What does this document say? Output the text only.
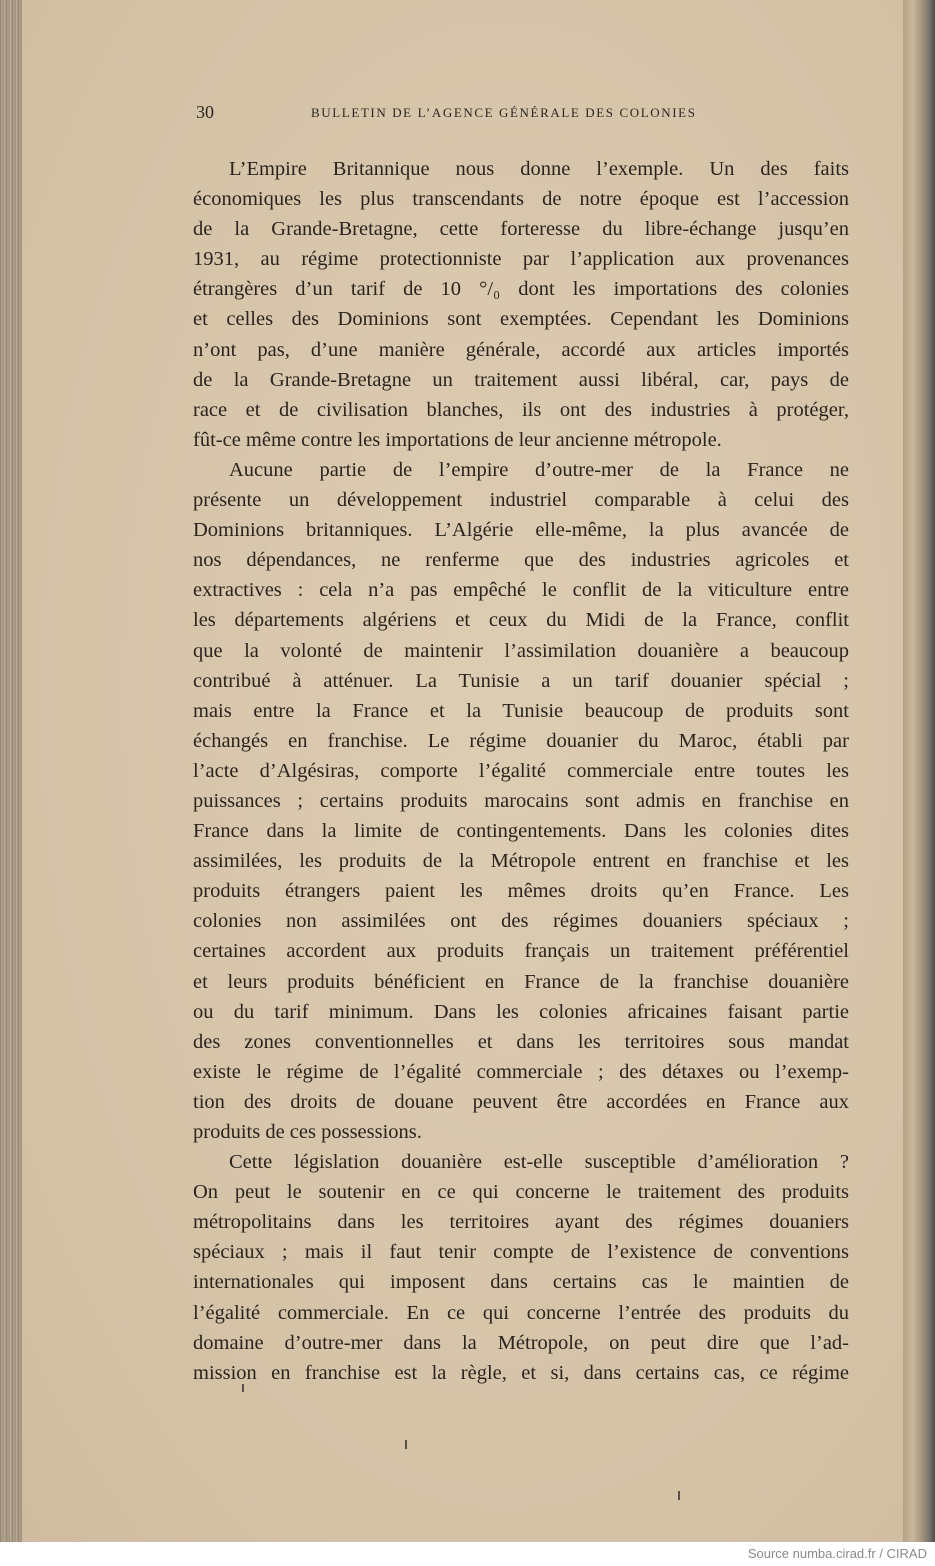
30	BULLETIN DE L’AGENCE GÉNÉRALE DES COLONIES
L’Empire Britannique nous donne l’exemple. Un des faits
économiques les plus transcendants de notre époque est l’accession
de la Grande-Bretagne, cette forteresse du libre-échange jusqu’en
1931, au régime protectionniste par l’application aux provenances
étrangères d’un tarif de 10 °/₀ dont les importations des colonies
et celles des Dominions sont exemptées. Cependant les Dominions
n’ont pas, d’une manière générale, accordé aux articles importés
de la Grande-Bretagne un traitement aussi libéral, car, pays de
race et de civilisation blanches, ils ont des industries à protéger,
fût-ce même contre les importations de leur ancienne métropole.
Aucune partie de l’empire d’outre-mer de la France ne
présente un développement industriel comparable à celui des
Dominions britanniques. L’Algérie elle-même, la plus avancée de
nos dépendances, ne renferme que des industries agricoles et
extractives : cela n’a pas empêché le conflit de la viticulture entre
les départements algériens et ceux du Midi de la France, conflit
que la volonté de maintenir l’assimilation douanière a beaucoup
contribué à atténuer. La Tunisie a un tarif douanier spécial ;
mais entre la France et la Tunisie beaucoup de produits sont
échangés en franchise. Le régime douanier du Maroc, établi par
l’acte d’Algésiras, comporte l’égalité commerciale entre toutes les
puissances ; certains produits marocains sont admis en franchise en
France dans la limite de contingentements. Dans les colonies dites
assimilées, les produits de la Métropole entrent en franchise et les
produits étrangers paient les mêmes droits qu’en France. Les
colonies non assimilées ont des régimes douaniers spéciaux ;
certaines accordent aux produits français un traitement préférentiel
et leurs produits bénéficient en France de la franchise douanière
ou du tarif minimum. Dans les colonies africaines faisant partie
des zones conventionnelles et dans les territoires sous mandat
existe le régime de l’égalité commerciale ; des détaxes ou l’exemp-
tion des droits de douane peuvent être accordées en France aux
produits de ces possessions.
Cette législation douanière est-elle susceptible d’amélioration ?
On peut le soutenir en ce qui concerne le traitement des produits
métropolitains dans les territoires ayant des régimes douaniers
spéciaux ; mais il faut tenir compte de l’existence de conventions
internationales qui imposent dans certains cas le maintien de
l’égalité commerciale. En ce qui concerne l’entrée des produits du
domaine d’outre-mer dans la Métropole, on peut dire que l’ad-
mission en franchise est la règle, et si, dans certains cas, ce régime
Source numba.cirad.fr / CIRAD
